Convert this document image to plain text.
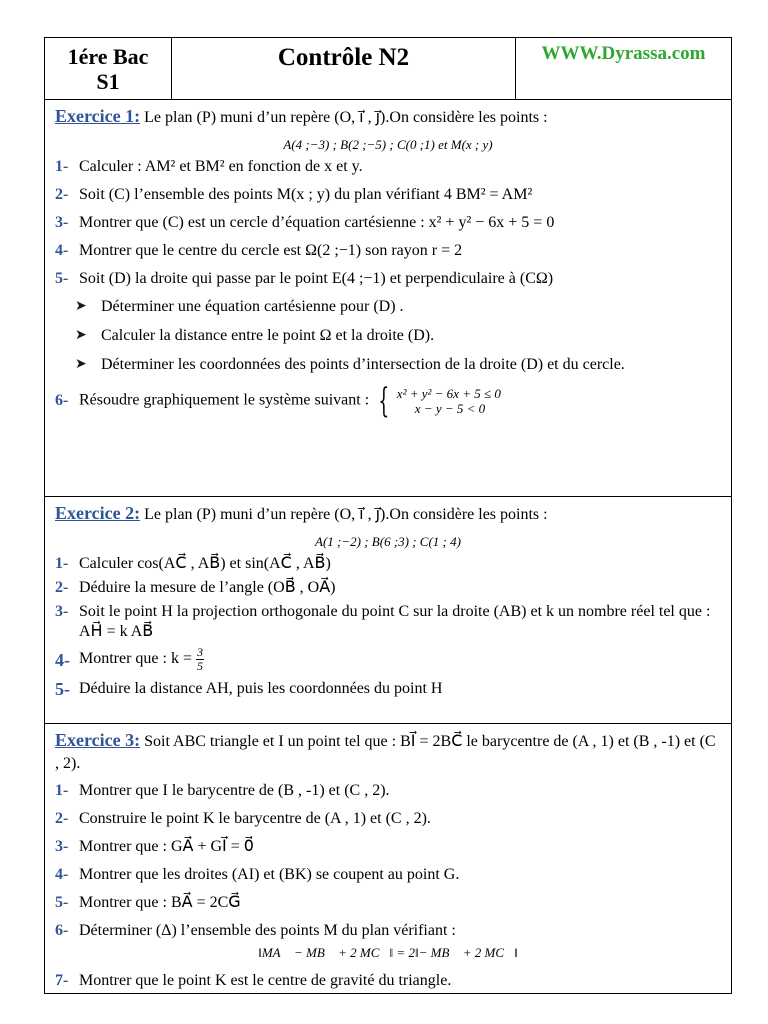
1ére Bac
S1
Contrôle N2	WWW.Dyrassa.com

Exercice 1: Le plan (P) muni d’un repère (O, i⃗ , j⃗).On considère les points :

A(4 ;−3) ; B(2 ;−5) ; C(0 ;1) et M(x ; y)
1- Calculer : AM² et BM² en fonction de x et y.
2- Soit (C) l’ensemble des points M(x ; y) du plan vérifiant 4 BM² = AM²
3- Montrer que (C) est un cercle d’équation cartésienne : x² + y² − 6x + 5 = 0
4- Montrer que le centre du cercle est Ω(2 ;−1) son rayon r = 2
5- Soit (D) la droite qui passe par le point E(4 ;−1) et perpendiculaire à (CΩ)
➤ Déterminer une équation cartésienne pour (D) .
➤ Calculer la distance entre le point Ω et la droite (D).
➤ Déterminer les coordonnées des points d’intersection de la droite (D) et du cercle.
6- Résoudre graphiquement le système suivant : { x² + y² − 6x + 5 ≤ 0
x − y − 5 < 0

Exercice 2: Le plan (P) muni d’un repère (O, i⃗ , j⃗).On considère les points :

A(1 ;−2) ; B(6 ;3) ; C(1 ; 4)
1- Calculer cos(AC⃗ , AB⃗) et sin(AC⃗ , AB⃗)
2- Déduire la mesure de l’angle (OB⃗ , OA⃗)
3- Soit le point H la projection orthogonale du point C sur la droite (AB) et k un nombre réel tel que : AH⃗ = k AB⃗
4- Montrer que : $k = \frac{3}{5}$
5- Déduire la distance AH, puis les coordonnées du point H

Exercice 3: Soit ABC triangle et I un point tel que : BI⃗ = 2BC⃗ le barycentre de (A , 1) et (B , -1) et (C , 2).

1- Montrer que I le barycentre de (B , -1) et (C , 2).
2- Construire le point K le barycentre de (A , 1) et (C , 2).
3- Montrer que : GA⃗ + GI⃗ = 0⃗
4- Montrer que les droites (AI) et (BK) se coupent au point G.
5- Montrer que : BA⃗ = 2CG⃗
6- Déterminer (Δ) l’ensemble des points M du plan vérifiant :
‖MA⃗ − MB⃗ + 2 MC⃗‖ = 2‖− MB⃗ + 2 MC⃗‖
7- Montrer que le point K est le centre de gravité du triangle.
